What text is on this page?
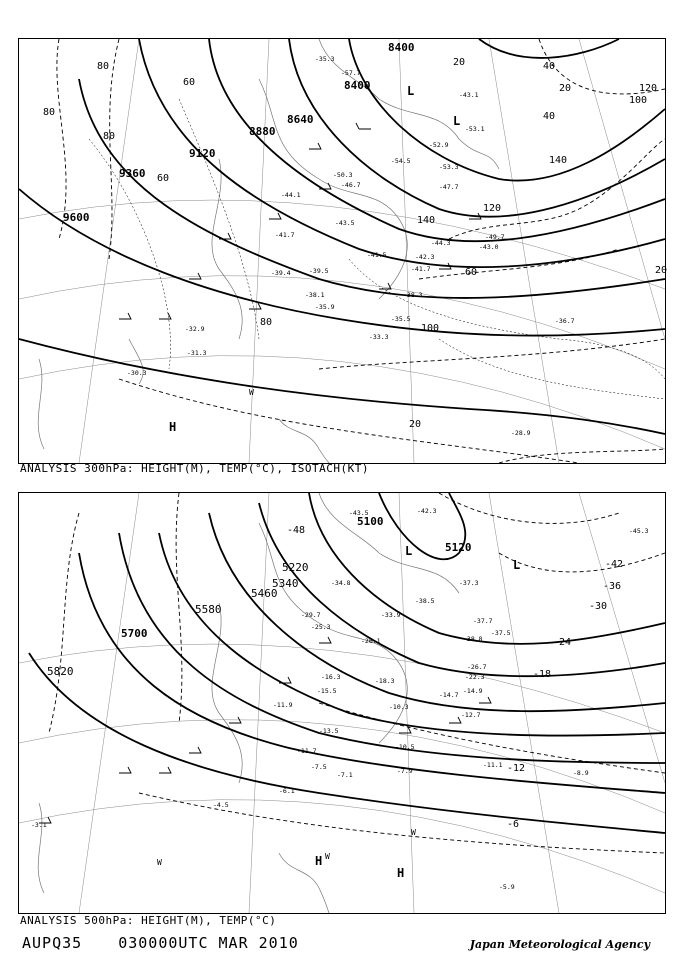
8400
8400
8640
8880
9120
9360
9600
80
80
80
60
60
40
40
20
20
20
100
100
120
120
140
140
60
80
20
-35.3
-57.7
-43.1
-53.1
-52.9
-54.5
-50.3
-46.7	-47.7
-44.1
-43.5
-41.7
-42.3
-41.5
-41.7
-38.1
-39.4
-38.3
-39.5
-35.9
-35.5	-36.7
-32.9
-31.3
-30.3
-28.9
-49.7
-43.0
-44.3
-33.3
-53.3
L
H
L
W
ANALYSIS 300hPa: HEIGHT(M), TEMP(°C), ISOTACH(KT)
5100
5120
5220
5340
5460
5580
5700
5820
-48
-42
-36
-30
-24
-18
-12
-6
-42.3
-43.5
-45.3
-37.3
-38.5
-33.9
-34.8
-37.7
-37.5
-38.8
-29.7
-26.1
-25.3
-26.7
-22.3
-18.3
-16.3
-15.5	-14.9
-14.7
-13.5
-12.7
-11.9	-10.3
-10.5
-11.7
-7.5
-7.1	-7.9	-8.9
-11.1
-5.9
-4.5
-3.1
-6.1
L
L
H
H
W
W
W
ANALYSIS 500hPa: HEIGHT(M), TEMP(°C)
AUPQ35 030000UTC MAR 2010	Japan Meteorological Agency
